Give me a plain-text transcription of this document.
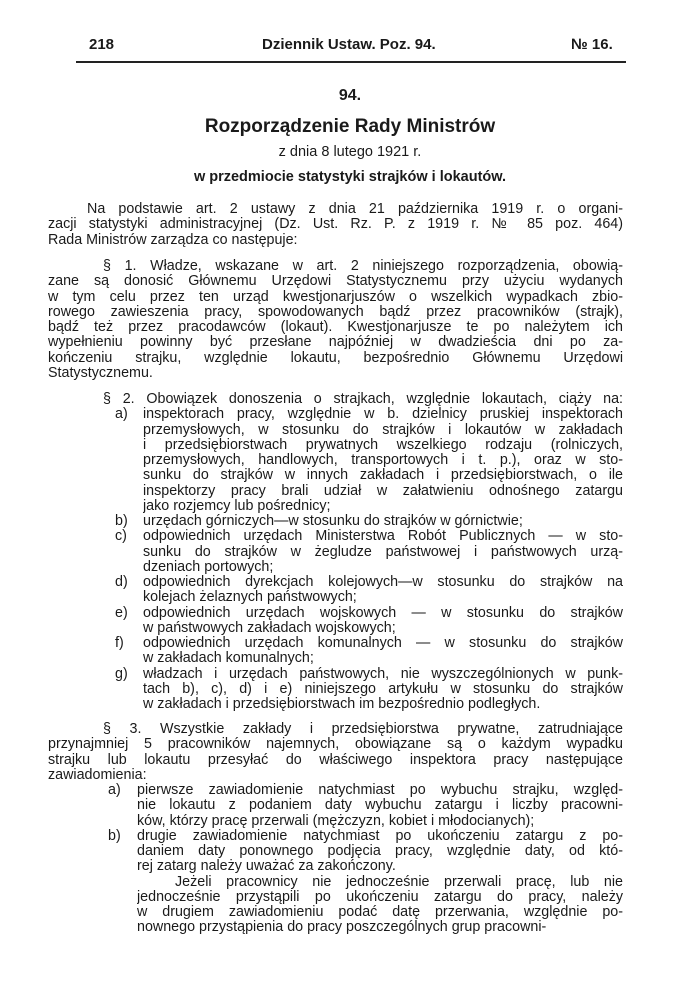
218	Dziennik Ustaw. Poz. 94.	№ 16.
94.
Rozporządzenie Rady Ministrów
z dnia 8 lutego 1921 r.
w przedmiocie statystyki strajków i lokautów.
Na podstawie art. 2 ustawy z dnia 21 października 1919 r. o organi-
zacji statystyki administracyjnej (Dz. Ust. Rz. P. z 1919 r. № 85 poz. 464)
Rada Ministrów zarządza co następuje:
§ 1. Władze, wskazane w art. 2 niniejszego rozporządzenia, obowią-
zane są donosić Głównemu Urzędowi Statystycznemu przy użyciu wydanych
w tym celu przez ten urząd kwestjonarjuszów o wszelkich wypadkach zbio-
rowego zawieszenia pracy, spowodowanych bądź przez pracowników (strajk),
bądź też przez pracodawców (lokaut). Kwestjonarjusze te po należytem ich
wypełnieniu powinny być przesłane najpóźniej w dwadzieścia dni po za-
kończeniu strajku, względnie lokautu, bezpośrednio Głównemu Urzędowi
Statystycznemu.
§ 2. Obowiązek donoszenia o strajkach, względnie lokautach, ciąży na:
a) inspektorach pracy, względnie w b. dzielnicy pruskiej inspektorach
przemysłowych, w stosunku do strajków i lokautów w zakładach
i przedsiębiorstwach prywatnych wszelkiego rodzaju (rolniczych,
przemysłowych, handlowych, transportowych i t. p.), oraz w sto-
sunku do strajków w innych zakładach i przedsiębiorstwach, o ile
inspektorzy pracy brali udział w załatwieniu odnośnego zatargu
jako rozjemcy lub pośrednicy;
b) urzędach górniczych—w stosunku do strajków w górnictwie;
c) odpowiednich urzędach Ministerstwa Robót Publicznych — w sto-
sunku do strajków w żegludze państwowej i państwowych urzą-
dzeniach portowych;
d) odpowiednich dyrekcjach kolejowych—w stosunku do strajków na
kolejach żelaznych państwowych;
e) odpowiednich urzędach wojskowych — w stosunku do strajków
w państwowych zakładach wojskowych;
f) odpowiednich urzędach komunalnych — w stosunku do strajków
w zakładach komunalnych;
g) władzach i urzędach państwowych, nie wyszczególnionych w punk-
tach b), c), d) i e) niniejszego artykułu w stosunku do strajków
w zakładach i przedsiębiorstwach im bezpośrednio podległych.
§ 3. Wszystkie zakłady i przedsiębiorstwa prywatne, zatrudniające
przynajmniej 5 pracowników najemnych, obowiązane są o każdym wypadku
strajku lub lokautu przesyłać do właściwego inspektora pracy następujące
zawiadomienia:
a) pierwsze zawiadomienie natychmiast po wybuchu strajku, względ-
nie lokautu z podaniem daty wybuchu zatargu i liczby pracowni-
ków, którzy pracę przerwali (mężczyzn, kobiet i młodocianych);
b) drugie zawiadomienie natychmiast po ukończeniu zatargu z po-
daniem daty ponownego podjęcia pracy, względnie daty, od któ-
rej zatarg należy uważać za zakończony.
Jeżeli pracownicy nie jednocześnie przerwali pracę, lub nie
jednocześnie przystąpili po ukończeniu zatargu do pracy, należy
w drugiem zawiadomieniu podać datę przerwania, względnie po-
nownego przystąpienia do pracy poszczególnych grup pracowni-
